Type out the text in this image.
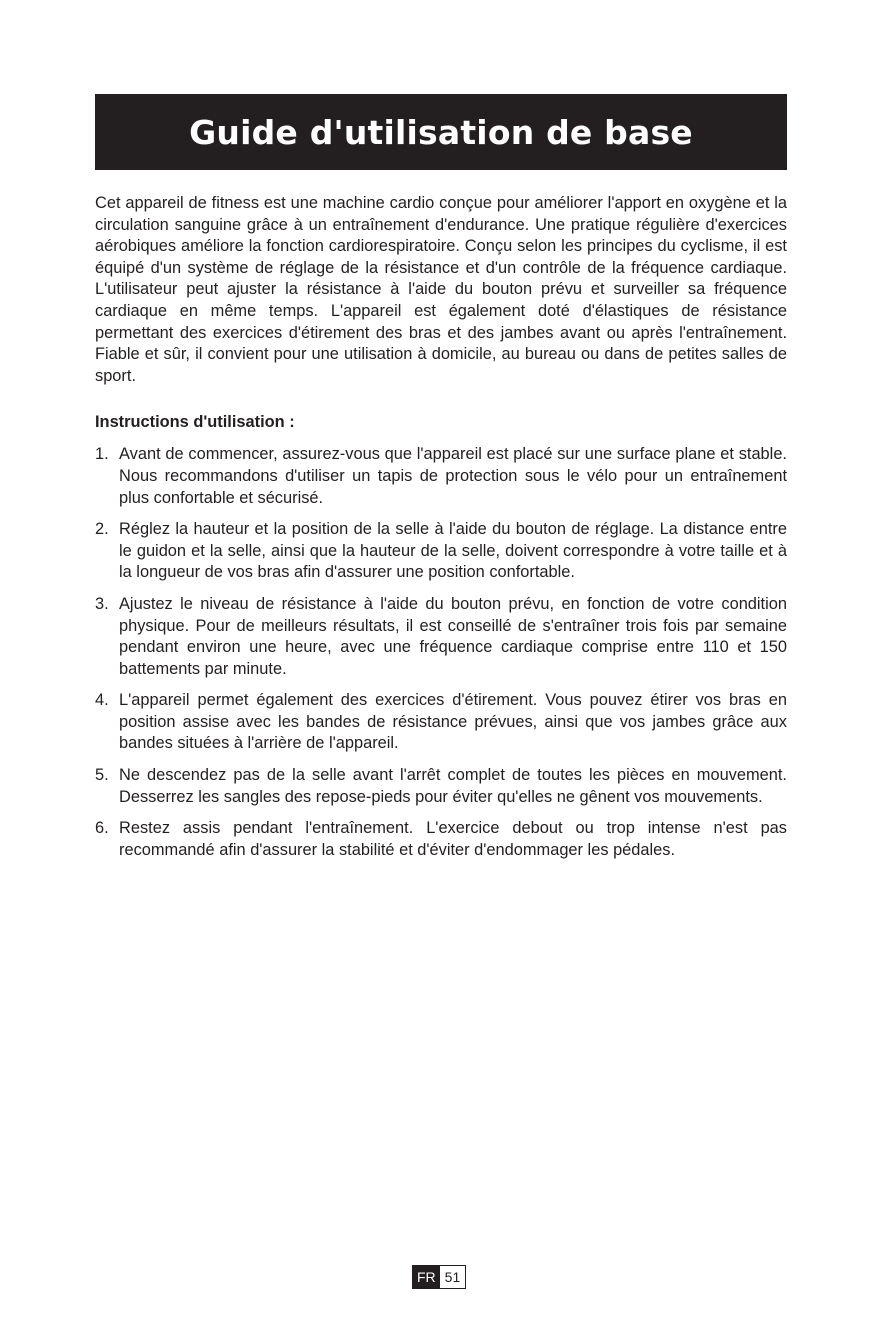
Guide d'utilisation de base

Cet appareil de fitness est une machine cardio conçue pour améliorer l'apport en oxygène et la circulation sanguine grâce à un entraînement d'endurance. Une pratique régulière d'exercices aérobiques améliore la fonction cardiorespiratoire. Conçu selon les principes du cyclisme, il est équipé d'un système de réglage de la résistance et d'un contrôle de la fréquence cardiaque. L'utilisateur peut ajuster la résistance à l'aide du bouton prévu et surveiller sa fréquence cardiaque en même temps. L'appareil est également doté d'élastiques de résistance permettant des exercices d'étirement des bras et des jambes avant ou après l'entraînement. Fiable et sûr, il convient pour une utilisation à domicile, au bureau ou dans de petites salles de sport.

Instructions d'utilisation :
1. Avant de commencer, assurez-vous que l'appareil est placé sur une surface plane et stable. Nous recommandons d'utiliser un tapis de protection sous le vélo pour un entraînement plus confortable et sécurisé.
2. Réglez la hauteur et la position de la selle à l'aide du bouton de réglage. La distance entre le guidon et la selle, ainsi que la hauteur de la selle, doivent correspondre à votre taille et à la longueur de vos bras afin d'assurer une position confortable.
3. Ajustez le niveau de résistance à l'aide du bouton prévu, en fonction de votre condition physique. Pour de meilleurs résultats, il est conseillé de s'entraîner trois fois par semaine pendant environ une heure, avec une fréquence cardiaque comprise entre 110 et 150 battements par minute.
4. L'appareil permet également des exercices d'étirement. Vous pouvez étirer vos bras en position assise avec les bandes de résistance prévues, ainsi que vos jambes grâce aux bandes situées à l'arrière de l'appareil.
5. Ne descendez pas de la selle avant l'arrêt complet de toutes les pièces en mouvement. Desserrez les sangles des repose-pieds pour éviter qu'elles ne gênent vos mouvements.
6. Restez assis pendant l'entraînement. L'exercice debout ou trop intense n'est pas recommandé afin d'assurer la stabilité et d'éviter d'endommager les pédales.
FR 51
